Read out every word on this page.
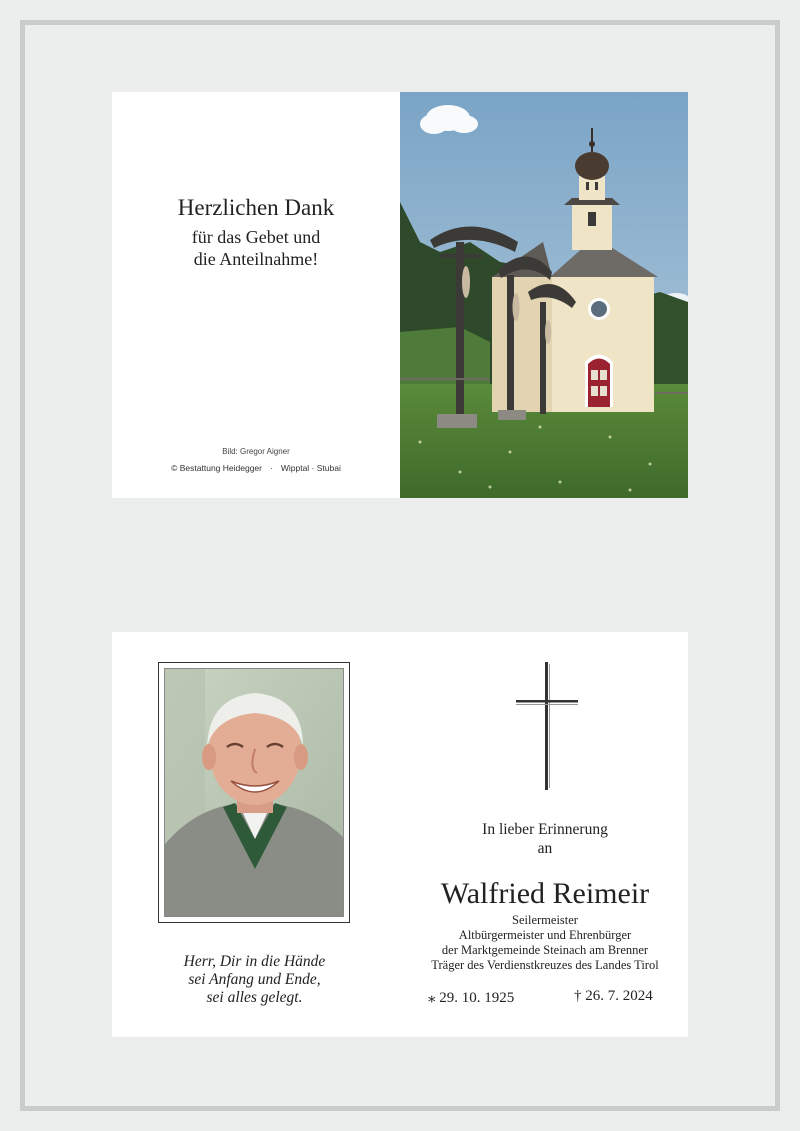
Herzlichen Dank
für das Gebet und
die Anteilnahme!
Bild: Gregor Aigner
© Bestattung Heidegger · Wipptal · Stubai
Herr, Dir in die Hände
sei Anfang und Ende,
sei alles gelegt.
In lieber Erinnerung
an
Walfried Reimeir
Seilermeister
Altbürgermeister und Ehrenbürger
der Marktgemeinde Steinach am Brenner
Träger des Verdienstkreuzes des Landes Tirol
⁎ 29. 10. 1925	† 26. 7. 2024
